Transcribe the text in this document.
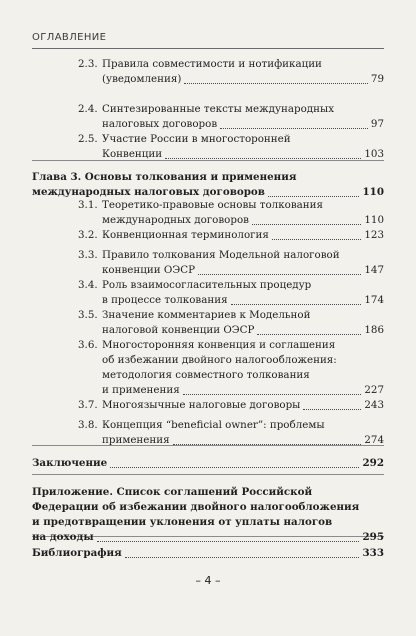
ОГЛАВЛЕНИЕ
2.3. Правила совместимости и нотификации
(уведомления)	79
2.4. Синтезированные тексты международных
налоговых договоров	97
2.5. Участие России в многосторонней
Конвенции	103
Глава 3. Основы толкования и применения
международных налоговых договоров	110
3.1. Теоретико-правовые основы толкования
международных договоров	110
3.2. Конвенционная терминология	123
3.3. Правило толкования Модельной налоговой
конвенции ОЭСР	147
3.4. Роль взаимосогласительных процедур
в процессе толкования	174
3.5. Значение комментариев к Модельной
налоговой конвенции ОЭСР	186
3.6. Многосторонняя конвенция и соглашения
об избежании двойного налогообложения:
методология совместного толкования
и применения	227
3.7. Многоязычные налоговые договоры	243
3.8. Концепция “beneficial owner”: проблемы
применения	274
Заключение	292
Приложение. Список соглашений Российской
Федерации об избежании двойного налогообложения
и предотвращении уклонения от уплаты налогов
на доходы	295
Библиография	333
– 4 –
